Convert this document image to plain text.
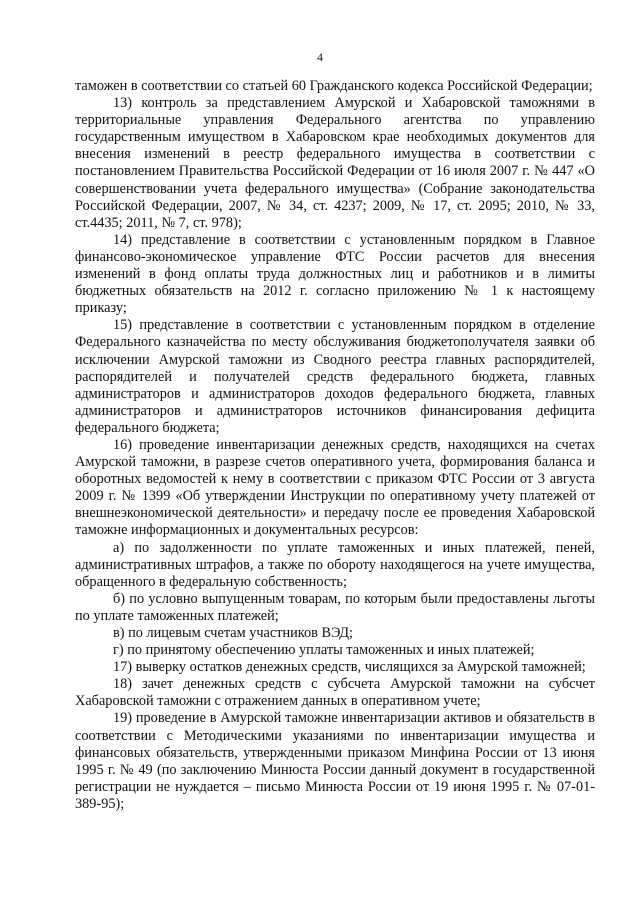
4

таможен в соответствии со статьей 60 Гражданского кодекса Российской Федерации;

13) контроль за представлением Амурской и Хабаровской таможнями в территориальные управления Федерального агентства по управлению государственным имуществом в Хабаровском крае необходимых документов для внесения изменений в реестр федерального имущества в соответствии с постановлением Правительства Российской Федерации от 16 июля 2007 г. № 447 «О совершенствовании учета федерального имущества» (Собрание законодательства Российской Федерации, 2007, № 34, ст. 4237; 2009, № 17, ст. 2095; 2010, № 33, ст.4435; 2011, № 7, ст. 978);

14) представление в соответствии с установленным порядком в Главное финансово-экономическое управление ФТС России расчетов для внесения изменений в фонд оплаты труда должностных лиц и работников и в лимиты бюджетных обязательств на 2012 г. согласно приложению № 1 к настоящему приказу;

15) представление в соответствии с установленным порядком в отделение Федерального казначейства по месту обслуживания бюджетополучателя заявки об исключении Амурской таможни из Сводного реестра главных распорядителей, распорядителей и получателей средств федерального бюджета, главных администраторов и администраторов доходов федерального бюджета, главных администраторов и администраторов источников финансирования дефицита федерального бюджета;

16) проведение инвентаризации денежных средств, находящихся на счетах Амурской таможни, в разрезе счетов оперативного учета, формирования баланса и оборотных ведомостей к нему в соответствии с приказом ФТС России от 3 августа 2009 г. № 1399 «Об утверждении Инструкции по оперативному учету платежей от внешнеэкономической деятельности» и передачу после ее проведения Хабаровской таможне информационных и документальных ресурсов:

а) по задолженности по уплате таможенных и иных платежей, пеней, административных штрафов, а также по обороту находящегося на учете имущества, обращенного в федеральную собственность;

б) по условно выпущенным товарам, по которым были предоставлены льготы по уплате таможенных платежей;

в) по лицевым счетам участников ВЭД;

г) по принятому обеспечению уплаты таможенных и иных платежей;

17) выверку остатков денежных средств, числящихся за Амурской таможней;

18) зачет денежных средств с субсчета Амурской таможни на субсчет Хабаровской таможни с отражением данных в оперативном учете;

19) проведение в Амурской таможне инвентаризации активов и обязательств в соответствии с Методическими указаниями по инвентаризации имущества и финансовых обязательств, утвержденными приказом Минфина России от 13 июня 1995 г. № 49 (по заключению Минюста России данный документ в государственной регистрации не нуждается – письмо Минюста России от 19 июня 1995 г. № 07-01-389-95);
